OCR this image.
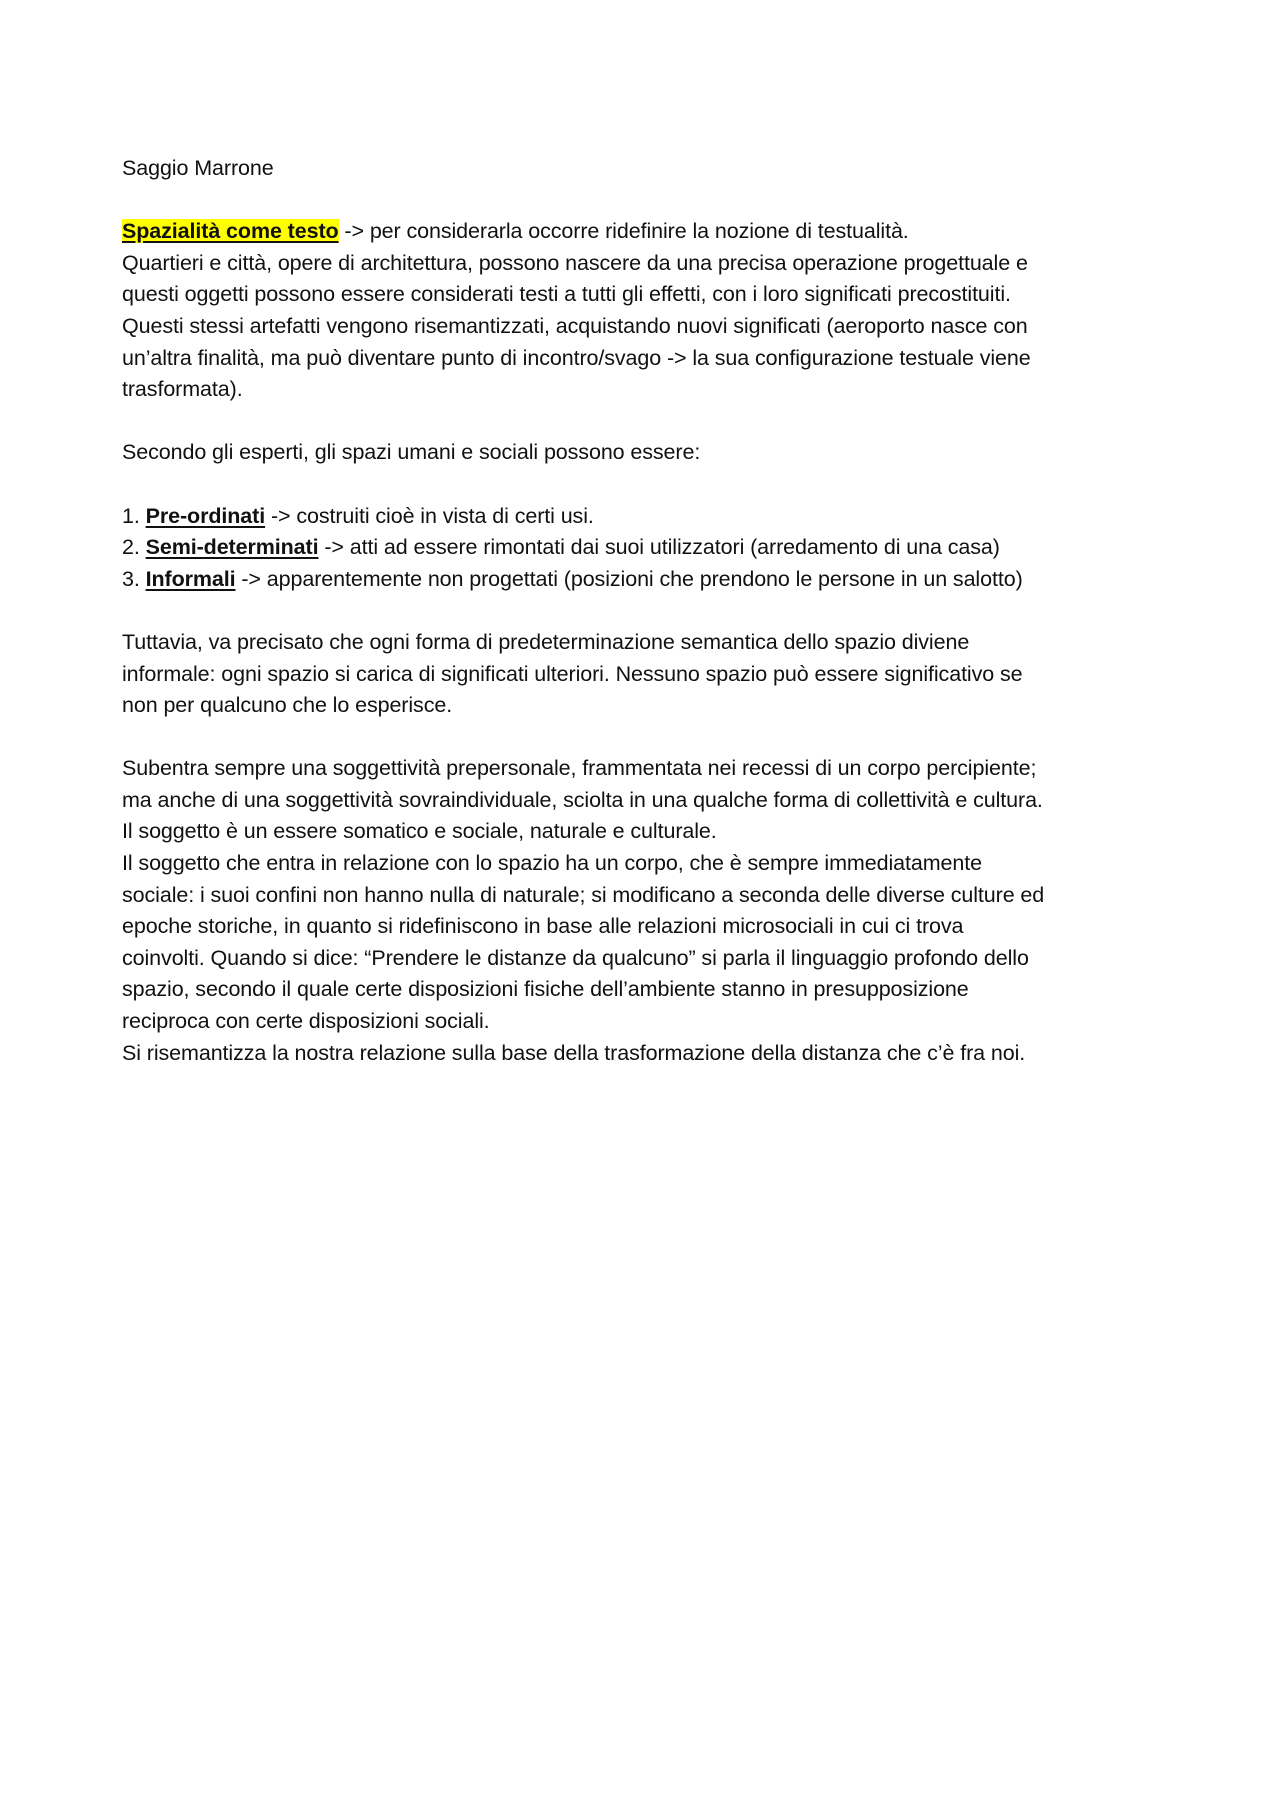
Saggio Marrone

Spazialità come testo -> per considerarla occorre ridefinire la nozione di testualità.
Quartieri e città, opere di architettura, possono nascere da una precisa operazione progettuale e
questi oggetti possono essere considerati testi a tutti gli effetti, con i loro significati precostituiti.
Questi stessi artefatti vengono risemantizzati, acquistando nuovi significati (aeroporto nasce con
un’altra finalità, ma può diventare punto di incontro/svago -> la sua configurazione testuale viene
trasformata).

Secondo gli esperti, gli spazi umani e sociali possono essere:

1. Pre-ordinati -> costruiti cioè in vista di certi usi.
2. Semi-determinati -> atti ad essere rimontati dai suoi utilizzatori (arredamento di una casa)
3. Informali -> apparentemente non progettati (posizioni che prendono le persone in un salotto)

Tuttavia, va precisato che ogni forma di predeterminazione semantica dello spazio diviene
informale: ogni spazio si carica di significati ulteriori. Nessuno spazio può essere significativo se
non per qualcuno che lo esperisce.

Subentra sempre una soggettività prepersonale, frammentata nei recessi di un corpo percipiente;
ma anche di una soggettività sovraindividuale, sciolta in una qualche forma di collettività e cultura.
Il soggetto è un essere somatico e sociale, naturale e culturale.
Il soggetto che entra in relazione con lo spazio ha un corpo, che è sempre immediatamente
sociale: i suoi confini non hanno nulla di naturale; si modificano a seconda delle diverse culture ed
epoche storiche, in quanto si ridefiniscono in base alle relazioni microsociali in cui ci trova
coinvolti. Quando si dice: “Prendere le distanze da qualcuno” si parla il linguaggio profondo dello
spazio, secondo il quale certe disposizioni fisiche dell’ambiente stanno in presupposizione
reciproca con certe disposizioni sociali.
Si risemantizza la nostra relazione sulla base della trasformazione della distanza che c’è fra noi.
